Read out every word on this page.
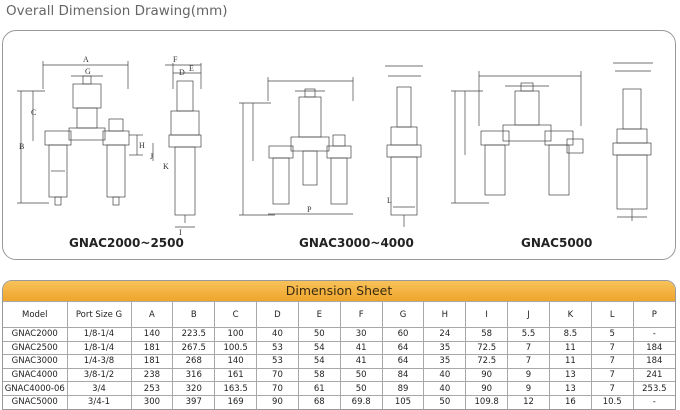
Overall Dimension Drawing(mm)
A
B
C
D E
F
G
H
I
J
K
L
P
GNAC2000~2500	GNAC3000~4000	GNAC5000
Dimension Sheet
Model	Port Size G	A	B	C	D	E	F	G	H	I	J	K	L	P
GNAC2000	1/8-1/4	140	223.5	100	40	50	30	60	24	58	5.5	8.5	5	-
GNAC2500	1/8-1/4	181	267.5	100.5	53	54	41	64	35	72.5	7	11	7	184
GNAC3000	1/4-3/8	181	268	140	53	54	41	64	35	72.5	7	11	7	184
GNAC4000	3/8-1/2	238	316	161	70	58	50	84	40	90	9	13	7	241
GNAC4000-06	3/4	253	320	163.5	70	61	50	89	40	90	9	13	7	253.5
GNAC5000	3/4-1	300	397	169	90	68	69.8	105	50	109.8	12	16	10.5	-
